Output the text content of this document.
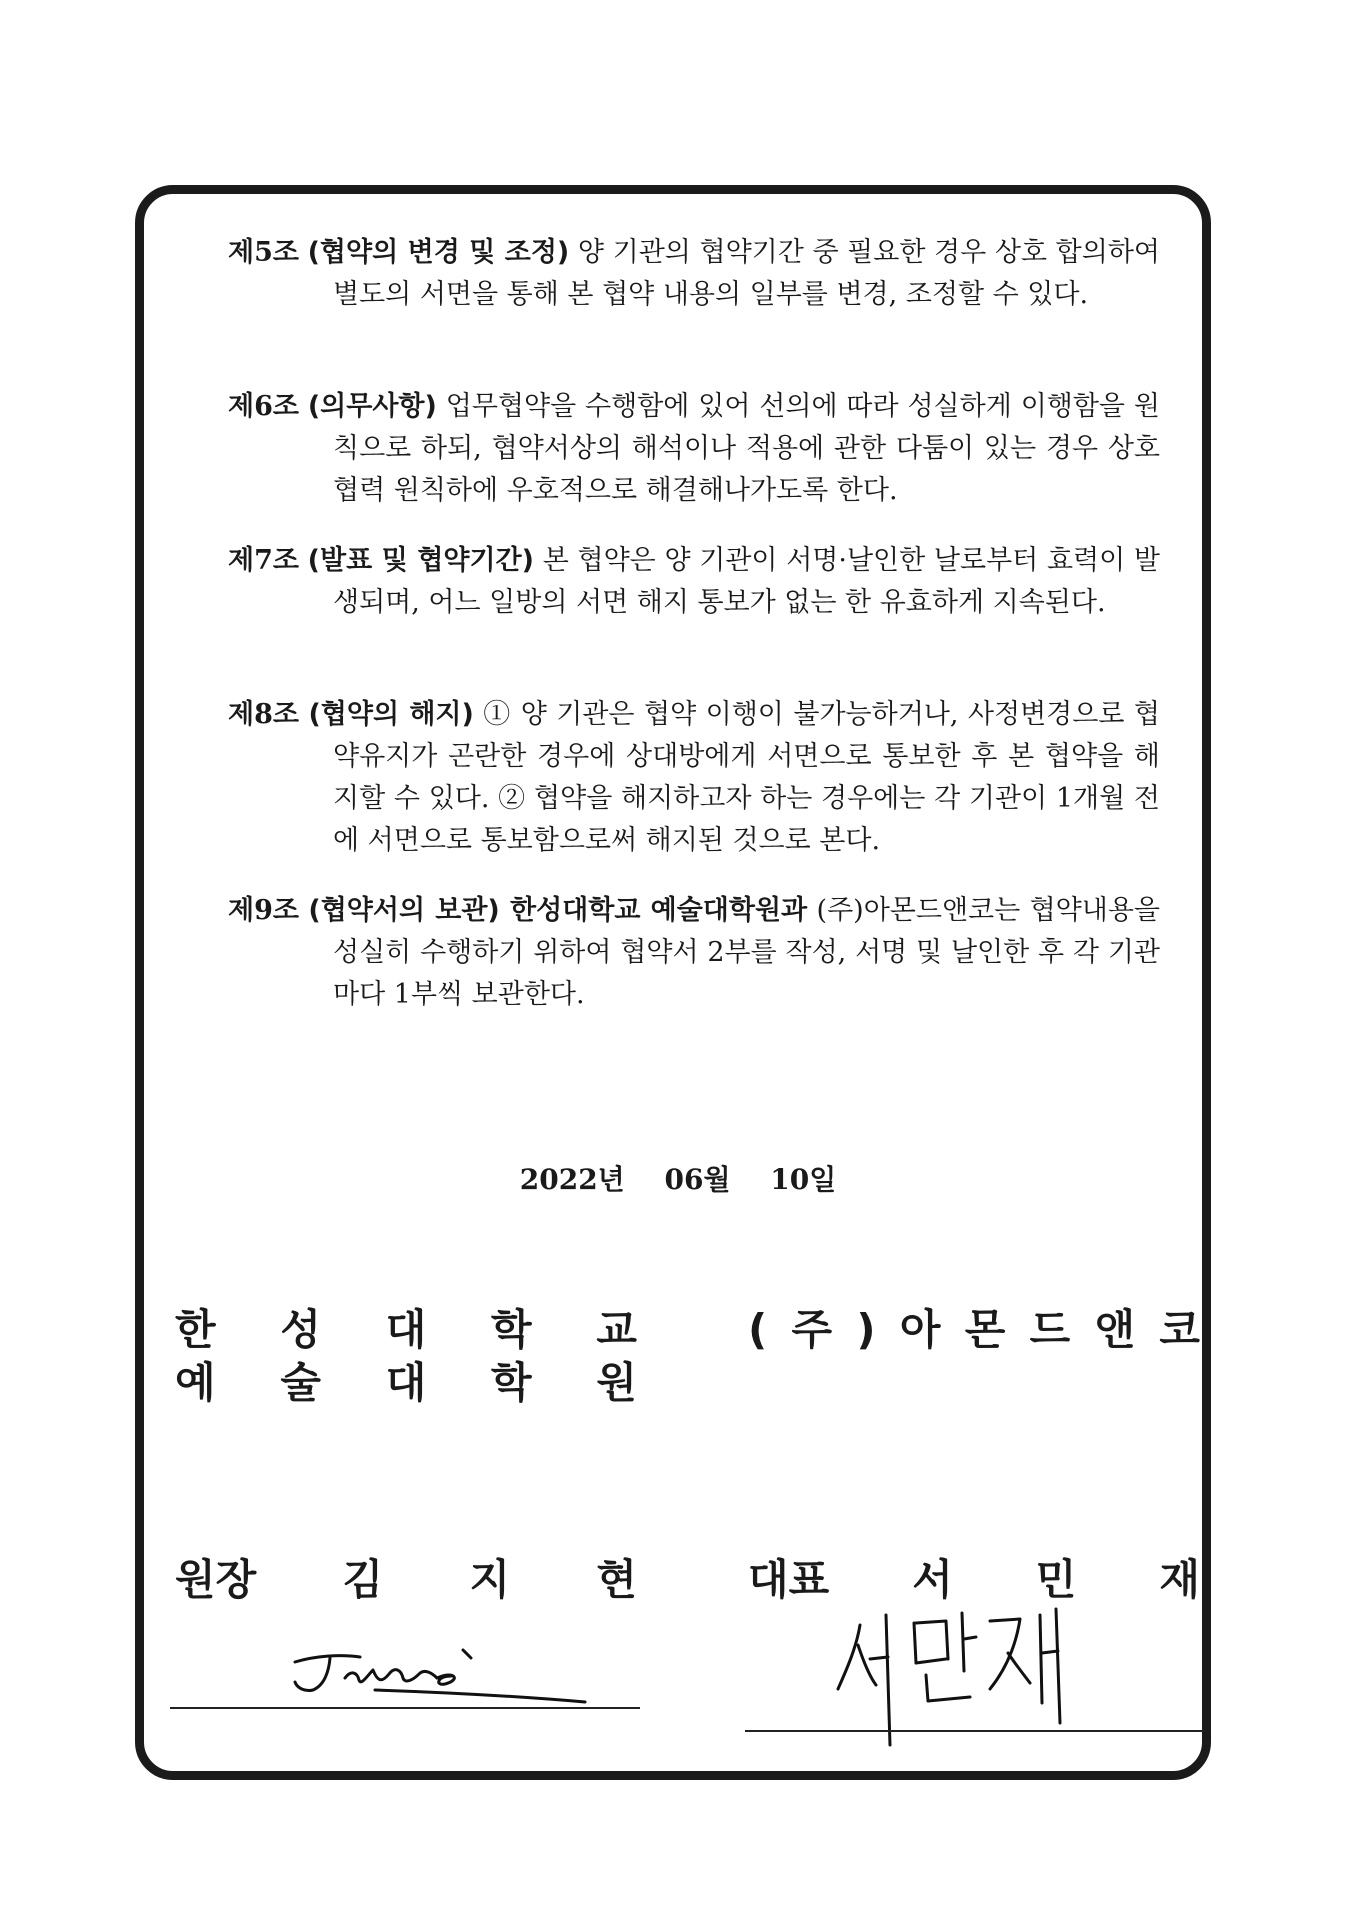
제5조 (협약의 변경 및 조정) 양 기관의 협약기간 중 필요한 경우 상호 합의하여 별도의 서면을 통해 본 협약 내용의 일부를 변경, 조정할 수 있다.
제6조 (의무사항) 업무협약을 수행함에 있어 선의에 따라 성실하게 이행함을 원칙으로 하되, 협약서상의 해석이나 적용에 관한 다툼이 있는 경우 상호협력 원칙하에 우호적으로 해결해나가도록 한다.
제7조 (발표 및 협약기간) 본 협약은 양 기관이 서명·날인한 날로부터 효력이 발생되며, 어느 일방의 서면 해지 통보가 없는 한 유효하게 지속된다.
제8조 (협약의 해지) ① 양 기관은 협약 이행이 불가능하거나, 사정변경으로 협약유지가 곤란한 경우에 상대방에게 서면으로 통보한 후 본 협약을 해지할 수 있다. ② 협약을 해지하고자 하는 경우에는 각 기관이 1개월 전에 서면으로 통보함으로써 해지된 것으로 본다.
제9조 (협약서의 보관) 한성대학교 예술대학원과 (주)아몬드앤코는 협약내용을 성실히 수행하기 위하여 협약서 2부를 작성, 서명 및 날인한 후 각 기관마다 1부씩 보관한다.
2022년 06월 10일
한 성 대 학 교
예 술 대 학 원
원장 김 지 현
( 주 ) 아 몬 드 앤 코
대표 서 민 재
